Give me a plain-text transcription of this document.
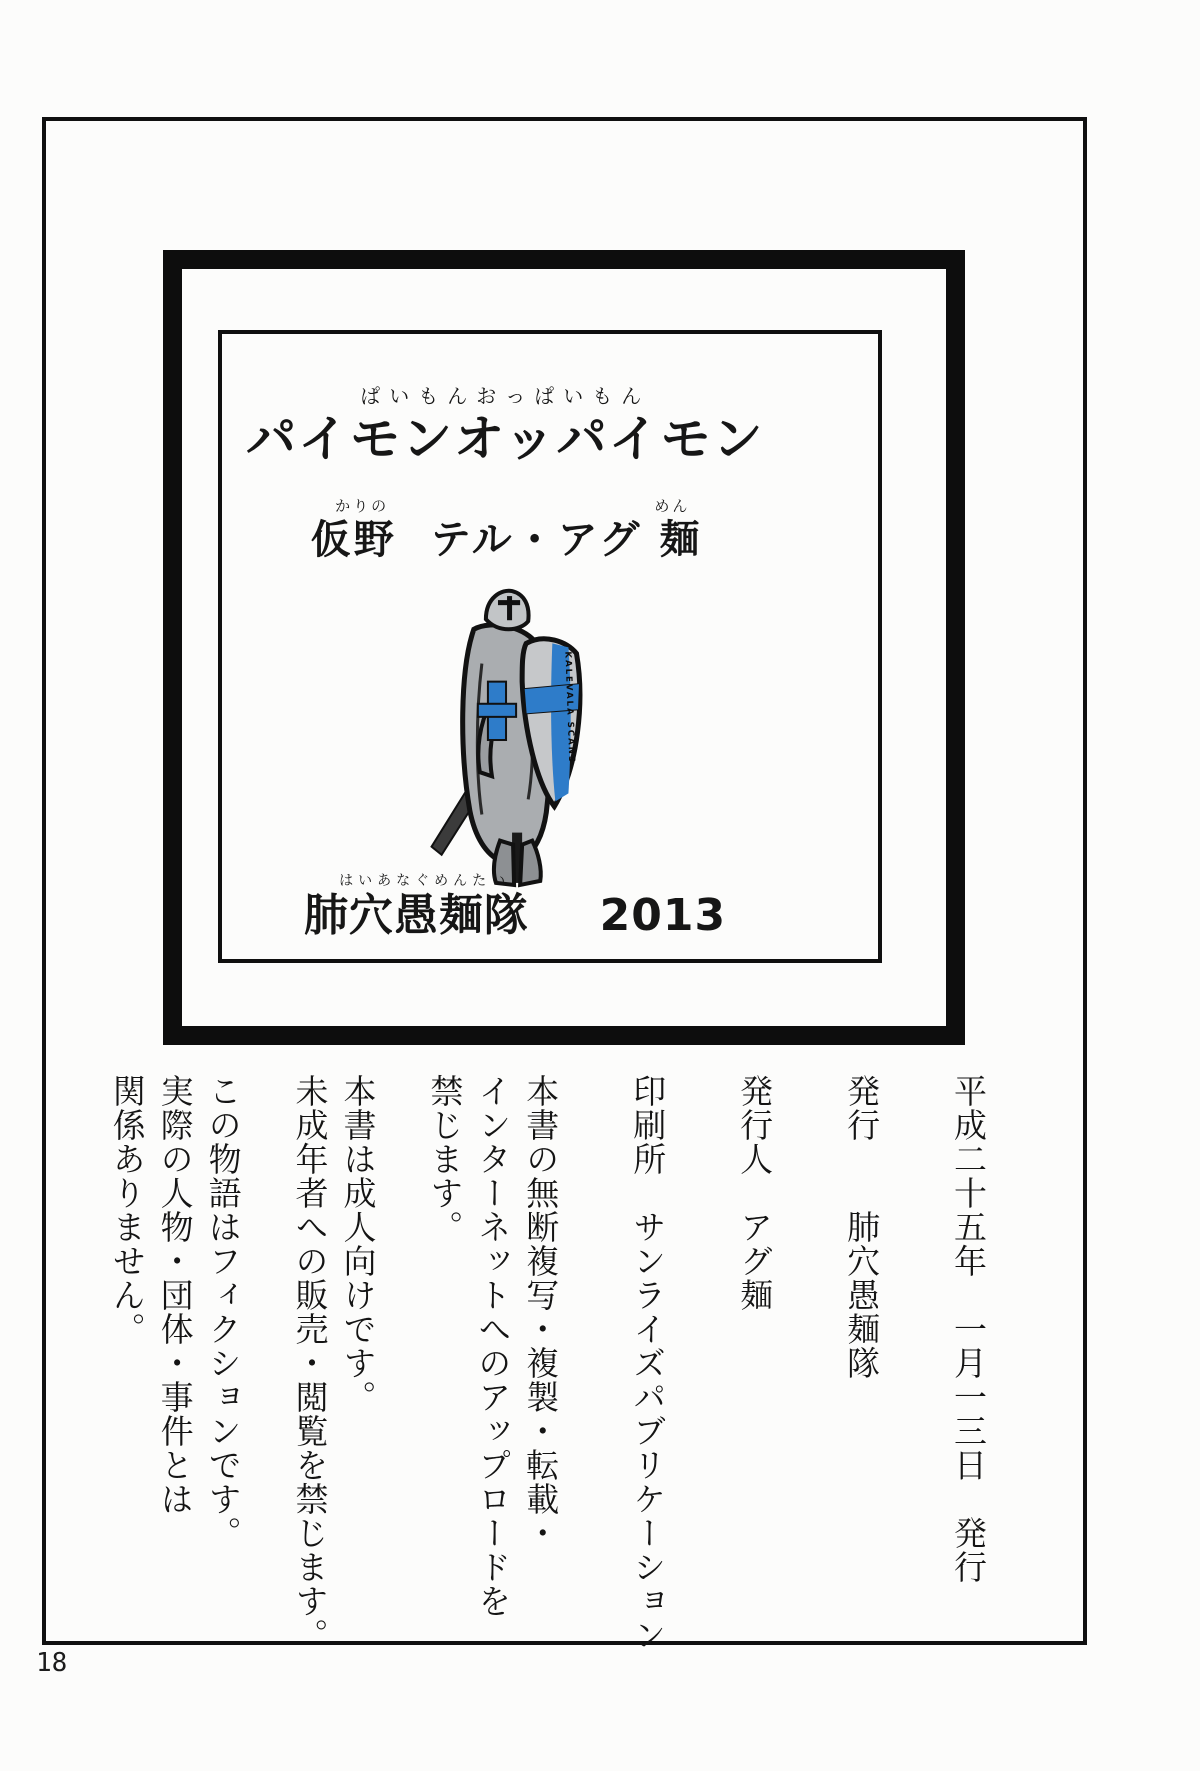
18
パイモンオッパイモン ぱいもんおっぱいもん
仮野 かりの テル・アグ 麺 めん
KALEVALA SCANS
肺穴愚麺隊 はいあなぐめんたい 2013
平成二十五年　一月一三日　発行
発行　　肺穴愚麺隊
発行人　アグ麺
印刷所　サンライズパブリケーション
本書の無断複写・複製・転載・
インターネットへのアップロードを
禁じます。
本書は成人向けです。
未成年者への販売・閲覧を禁じます。
この物語はフィクションです。
実際の人物・団体・事件とは
関係ありません。
